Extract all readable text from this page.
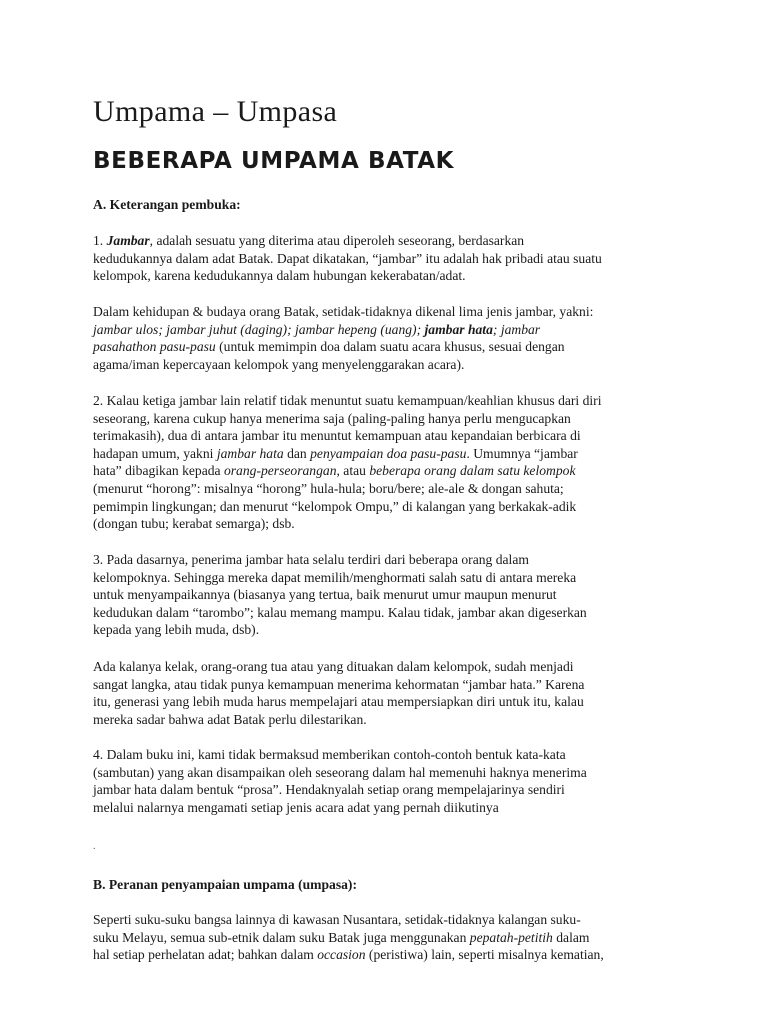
Umpama – Umpasa
BEBERAPA UMPAMA BATAK

A. Keterangan pembuka:

1. Jambar, adalah sesuatu yang diterima atau diperoleh seseorang, berdasarkan
kedudukannya dalam adat Batak. Dapat dikatakan, “jambar” itu adalah hak pribadi atau suatu
kelompok, karena kedudukannya dalam hubungan kekerabatan/adat.

Dalam kehidupan & budaya orang Batak, setidak-tidaknya dikenal lima jenis jambar, yakni:
jambar ulos; jambar juhut (daging); jambar hepeng (uang); jambar hata; jambar
pasahathon pasu-pasu (untuk memimpin doa dalam suatu acara khusus, sesuai dengan
agama/iman kepercayaan kelompok yang menyelenggarakan acara).

2. Kalau ketiga jambar lain relatif tidak menuntut suatu kemampuan/keahlian khusus dari diri
seseorang, karena cukup hanya menerima saja (paling-paling hanya perlu mengucapkan
terimakasih), dua di antara jambar itu menuntut kemampuan atau kepandaian berbicara di
hadapan umum, yakni jambar hata dan penyampaian doa pasu-pasu. Umumnya “jambar
hata” dibagikan kepada orang-perseorangan, atau beberapa orang dalam satu kelompok
(menurut “horong”: misalnya “horong” hula-hula; boru/bere; ale-ale & dongan sahuta;
pemimpin lingkungan; dan menurut “kelompok Ompu,” di kalangan yang berkakak-adik
(dongan tubu; kerabat semarga); dsb.

3. Pada dasarnya, penerima jambar hata selalu terdiri dari beberapa orang dalam
kelompoknya. Sehingga mereka dapat memilih/menghormati salah satu di antara mereka
untuk menyampaikannya (biasanya yang tertua, baik menurut umur maupun menurut
kedudukan dalam “tarombo”; kalau memang mampu. Kalau tidak, jambar akan digeserkan
kepada yang lebih muda, dsb).

Ada kalanya kelak, orang-orang tua atau yang dituakan dalam kelompok, sudah menjadi
sangat langka, atau tidak punya kemampuan menerima kehormatan “jambar hata.” Karena
itu, generasi yang lebih muda harus mempelajari atau mempersiapkan diri untuk itu, kalau
mereka sadar bahwa adat Batak perlu dilestarikan.

4. Dalam buku ini, kami tidak bermaksud memberikan contoh-contoh bentuk kata-kata
(sambutan) yang akan disampaikan oleh seseorang dalam hal memenuhi haknya menerima
jambar hata dalam bentuk “prosa”. Hendaknyalah setiap orang mempelajarinya sendiri
melalui nalarnya mengamati setiap jenis acara adat yang pernah diikutinya

.

B. Peranan penyampaian umpama (umpasa):

Seperti suku-suku bangsa lainnya di kawasan Nusantara, setidak-tidaknya kalangan suku-
suku Melayu, semua sub-etnik dalam suku Batak juga menggunakan pepatah-petitih dalam
hal setiap perhelatan adat; bahkan dalam occasion (peristiwa) lain, seperti misalnya kematian,
